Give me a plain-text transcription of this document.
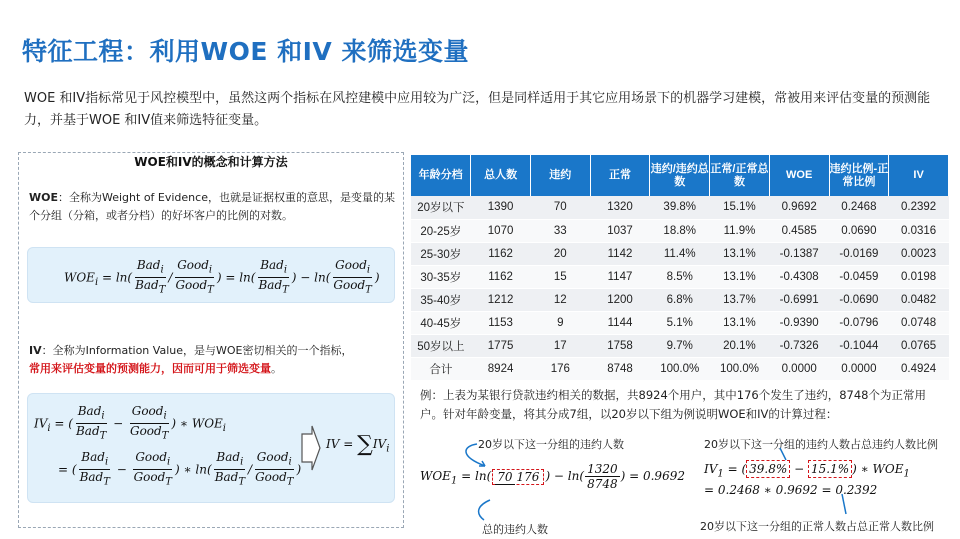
特征工程：利用WOE 和IV 来筛选变量
WOE 和IV指标常见于风控模型中，虽然这两个指标在风控建模中应用较为广泛，但是同样适用于其它应用场景下的机器学习建模，常被用来评估变量的预测能力，并基于WOE 和IV值来筛选特征变量。
WOE和IV的概念和计算方法
WOE：全称为Weight of Evidence，也就是证据权重的意思，是变量的某个分组（分箱，或者分档）的好坏客户的比例的对数。
$WOE_i = \ln( \frac{Bad_i}{Bad_T} / \frac{Good_i}{Good_T}$ ) = $\ln( \frac{Bad_i}{Bad_T}$ ) − $\ln( \frac{Good_i}{Good_T}$ )
IV：全称为Information Value，是与WOE密切相关的一个指标，
常用来评估变量的预测能力，因而可用于筛选变量。
$IV_i$ = ( $\frac{Bad_i}{Bad_T} - \frac{Good_i}{Good_T}$ ) ∗ $WOE_i$
= ( $\frac{Bad_i}{Bad_T} - \frac{Good_i}{Good_T}$ ) ∗ $\ln( \frac{Bad_i}{Bad_T} / \frac{Good_i}{Good_T}$ )
IV = $\sum IV_i$
年龄分档	总人数	违约	正常	违约/违约总数	正常/正常总数	WOE	违约比例-正常比例	IV
20岁以下	1390	70	1320	39.8%	15.1%	0.9692	0.2468	0.2392
20-25岁	1070	33	1037	18.8%	11.9%	0.4585	0.0690	0.0316
25-30岁	1162	20	1142	11.4%	13.1%	-0.1387	-0.0169	0.0023
30-35岁	1162	15	1147	8.5%	13.1%	-0.4308	-0.0459	0.0198
35-40岁	1212	12	1200	6.8%	13.7%	-0.6991	-0.0690	0.0482
40-45岁	1153	9	1144	5.1%	13.1%	-0.9390	-0.0796	0.0748
50岁以上	1775	17	1758	9.7%	20.1%	-0.7326	-0.1044	0.0765
合计	8924	176	8748	100.0%	100.0%	0.0000	0.0000	0.4924
例：上表为某银行贷款违约相关的数据，共8924个用户，其中176个发生了违约，8748个为正常用户。针对年龄变量，将其分成7组，以20岁以下组为例说明WOE和IV的计算过程：
20岁以下这一分组的违约人数
$WOE_1 = \ln$( 70 176 ) − $\ln( \frac{1320}{8748}$ ) = 0.9692
总的违约人数
20岁以下这一分组的违约人数占总违约人数比例
$IV_1$ = ( 39.8% − 15.1% ) ∗ $WOE_1$
= 0.2468 ∗ 0.9692 = 0.2392
20岁以下这一分组的正常人数占总正常人数比例
